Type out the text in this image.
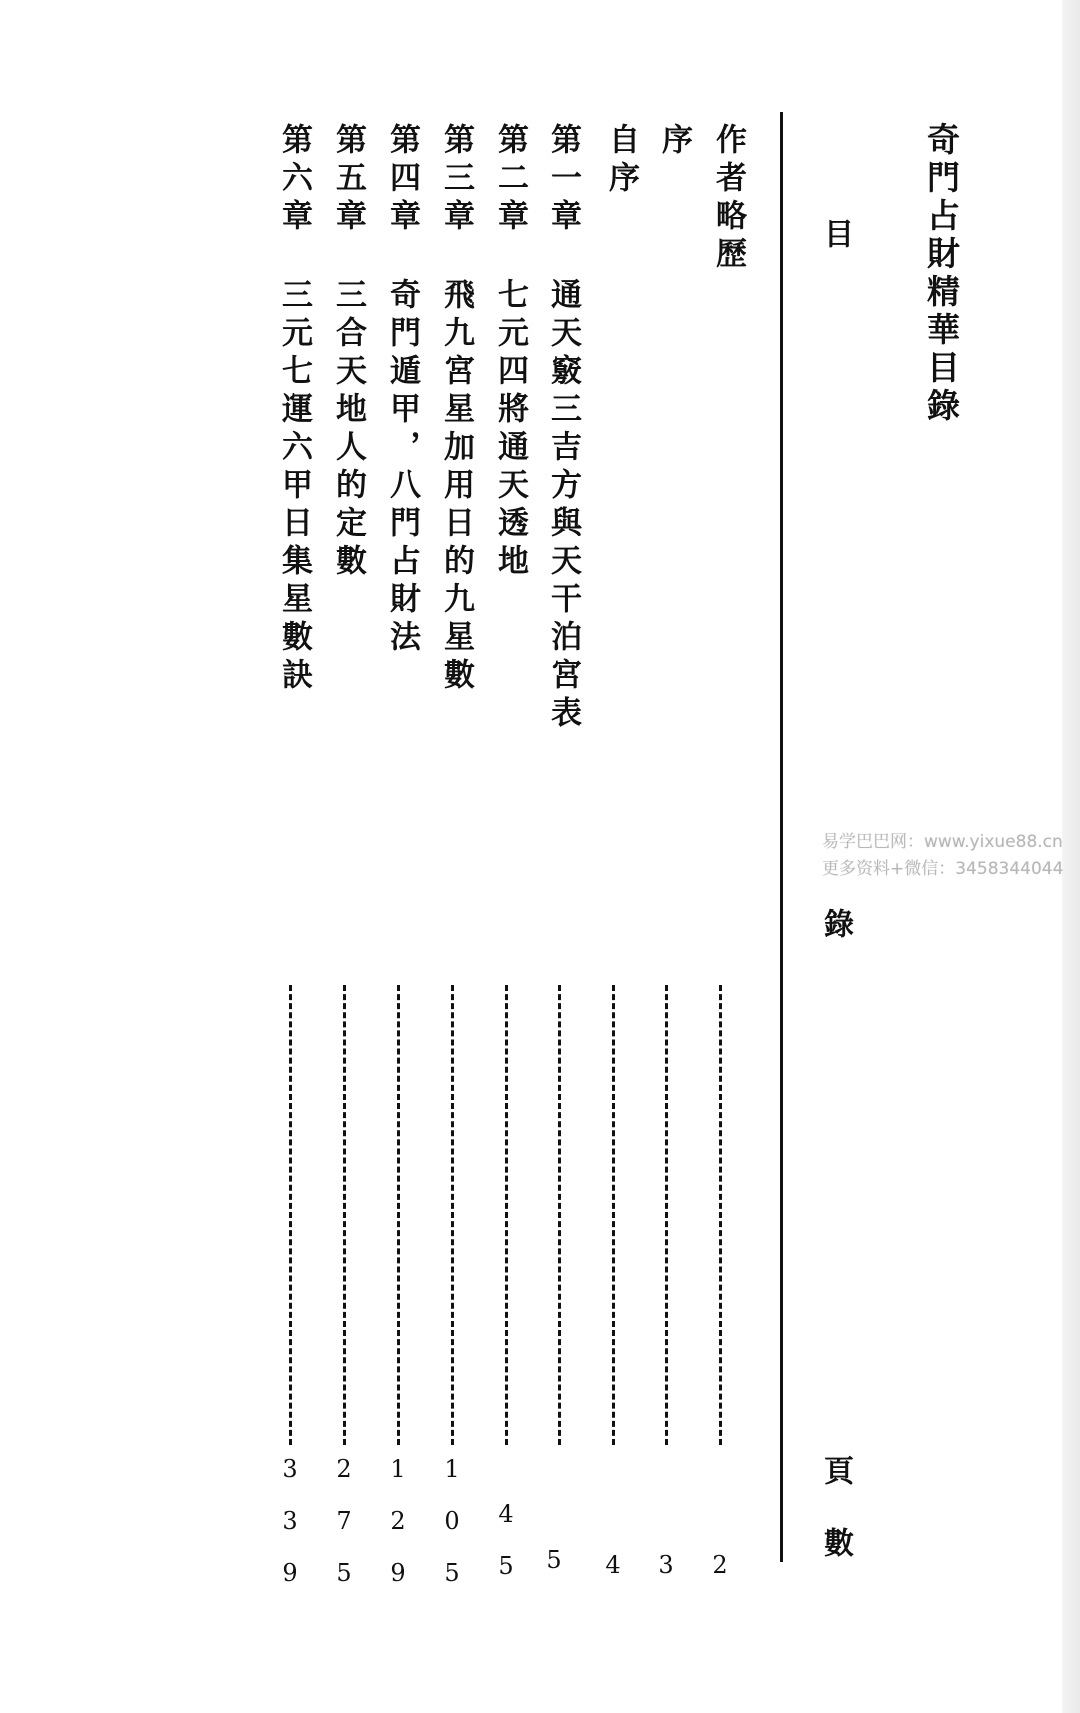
奇門占財精華目錄
目
錄
頁數
作者略歷
2
序
3
自序
4
第一章
通天竅三吉方與天干泊宮表
5
第二章
七元四將通天透地
45
第三章
飛九宮星加用日的九星數
105
第四章
奇門遁甲，八門占財法
129
第五章
三合天地人的定數
275
第六章
三元七運六甲日集星數訣
339
易学巴巴网：www.yixue88.cn
更多资料+微信：3458344044
